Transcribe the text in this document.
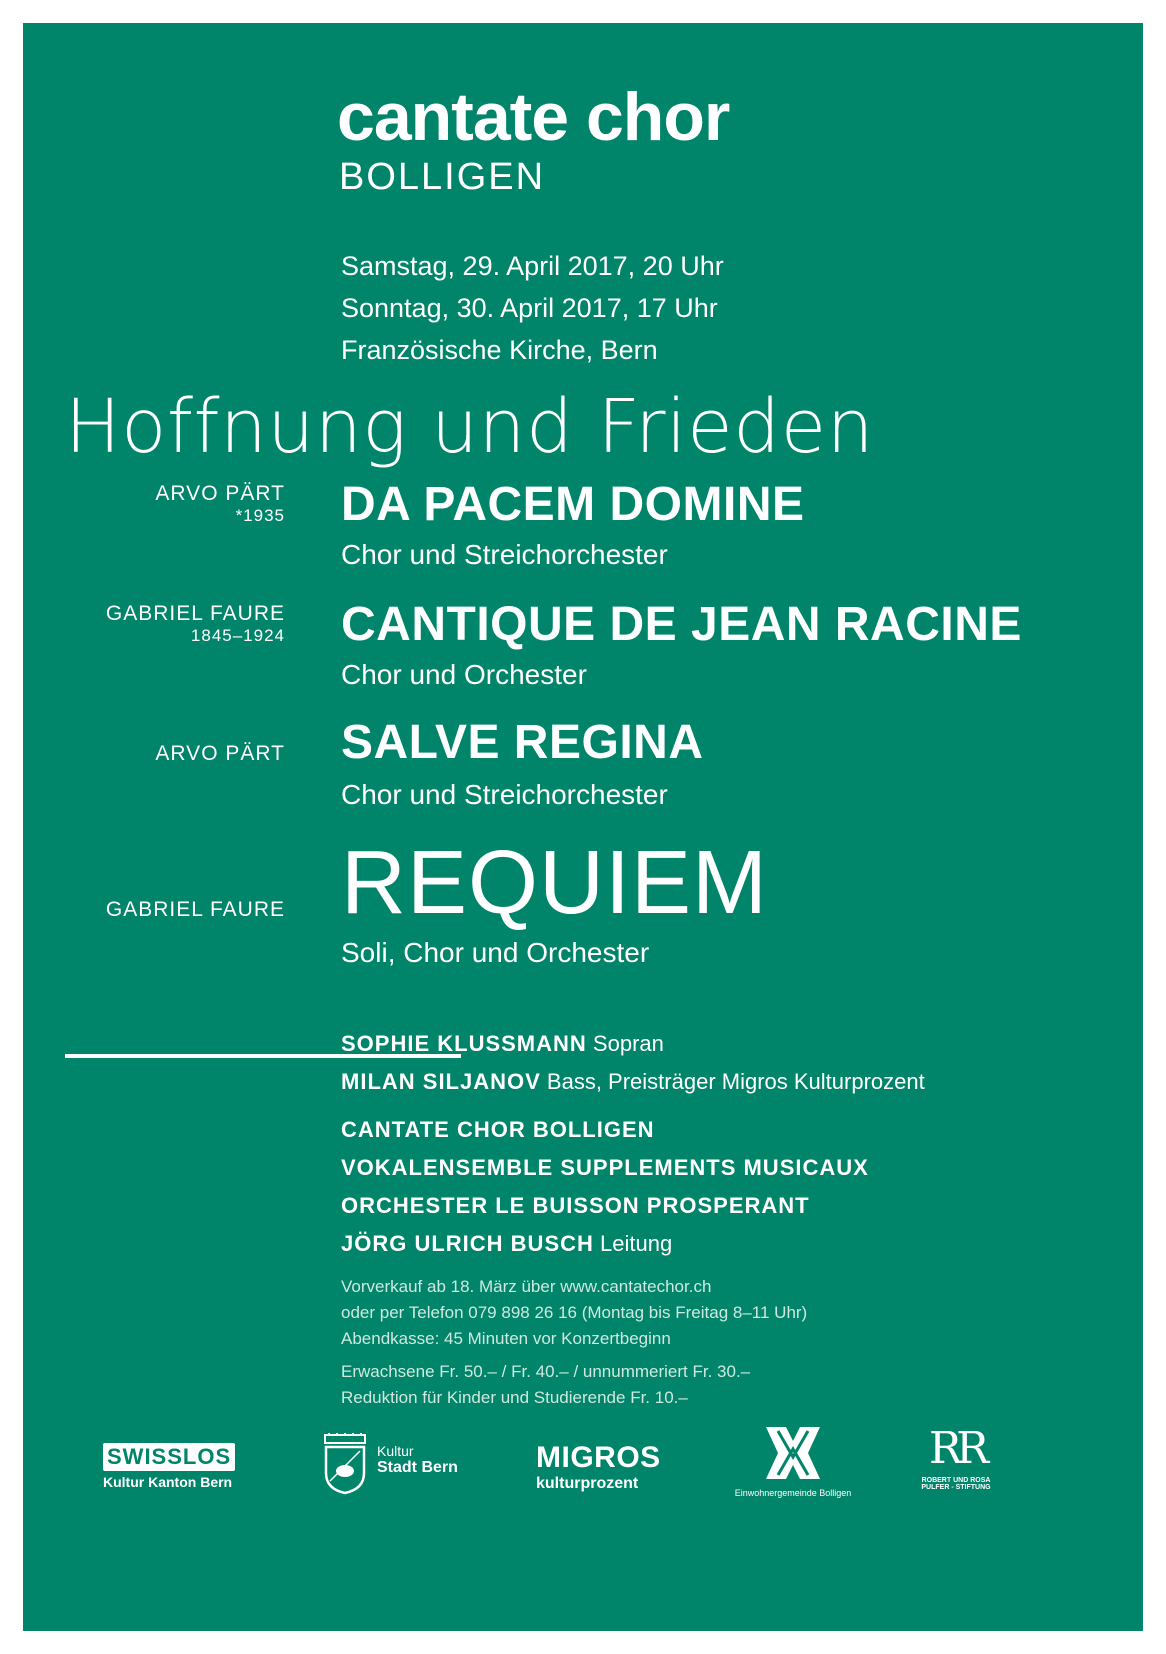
cantate chor
BOLLIGEN
Samstag, 29. April 2017, 20 Uhr
Sonntag, 30. April 2017, 17 Uhr
Französische Kirche, Bern
Hoffnung und Frieden
ARVO PÄRT
*1935 DA PACEM DOMINE
Chor und Streichorchester
GABRIEL FAURE
1845–1924 CANTIQUE DE JEAN RACINE
Chor und Orchester
ARVO PÄRT SALVE REGINA
Chor und Streichorchester
GABRIEL FAURE REQUIEM
Soli, Chor und Orchester
SOPHIE KLUSSMANN Sopran
MILAN SILJANOV Bass, Preisträger Migros Kulturprozent
CANTATE CHOR BOLLIGEN
VOKALENSEMBLE SUPPLEMENTS MUSICAUX
ORCHESTER LE BUISSON PROSPERANT
JÖRG ULRICH BUSCH Leitung
Vorverkauf ab 18. März über www.cantatechor.ch
oder per Telefon 079 898 26 16 (Montag bis Freitag 8–11 Uhr)
Abendkasse: 45 Minuten vor Konzertbeginn
Erwachsene Fr. 50.– / Fr. 40.– / unnummeriert Fr. 30.–
Reduktion für Kinder und Studierende Fr. 10.–
SWISSLOS
Kultur Kanton Bern
Kultur
Stadt Bern	MIGROS
kulturprozent
Einwohnergemeinde Bolligen
RR
ROBERT UND ROSA
PULFER - STIFTUNG
